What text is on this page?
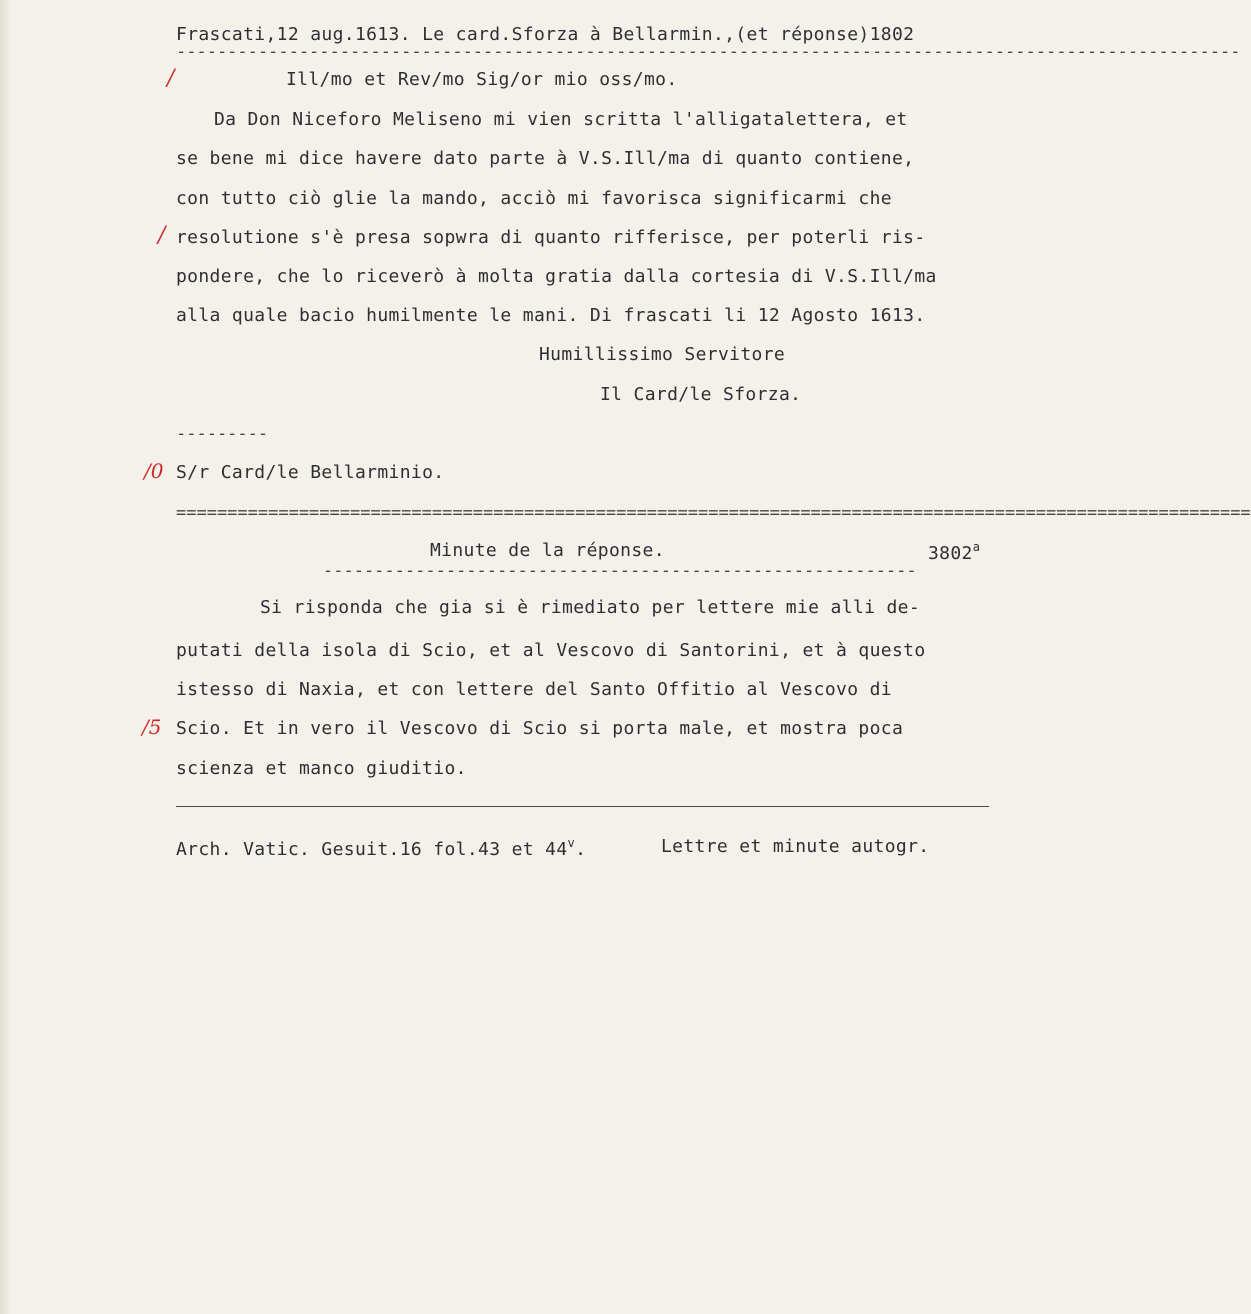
Frascati,12 aug.1613. Le card.Sforza à Bellarmin.,(et réponse)1802
--------------------------------------------------------------------------------------------------------
/
/
/0
/5
Ill/mo et Rev/mo Sig/or mio oss/mo.
Da Don Niceforo Meliseno mi vien scritta l'alligatalettera, et
se bene mi dice havere dato parte à V.S.Ill/ma di quanto contiene,
con tutto ciò glie la mando, acciò mi favorisca significarmi che
resolutione s'è presa sopwra di quanto rifferisce, per poterli ris-
pondere, che lo riceverò à molta gratia dalla cortesia di V.S.Ill/ma
alla quale bacio humilmente le mani. Di frascati li 12 Agosto 1613.
Humillissimo Servitore
Il Card/le Sforza.
---------
S/r Card/le Bellarminio.
=========================================================================================================
Minute de la réponse.	3802$^a$
----------------------------------------------------------
Si risponda che gia si è rimediato per lettere mie alli de-
putati della isola di Scio, et al Vescovo di Santorini, et à questo
istesso di Naxia, et con lettere del Santo Offitio al Vescovo di
Scio. Et in vero il Vescovo di Scio si porta male, et mostra poca
scienza et manco giuditio.
Arch. Vatic. Gesuit.16 fol.43 et 44$^v$.	Lettre et minute autogr.
